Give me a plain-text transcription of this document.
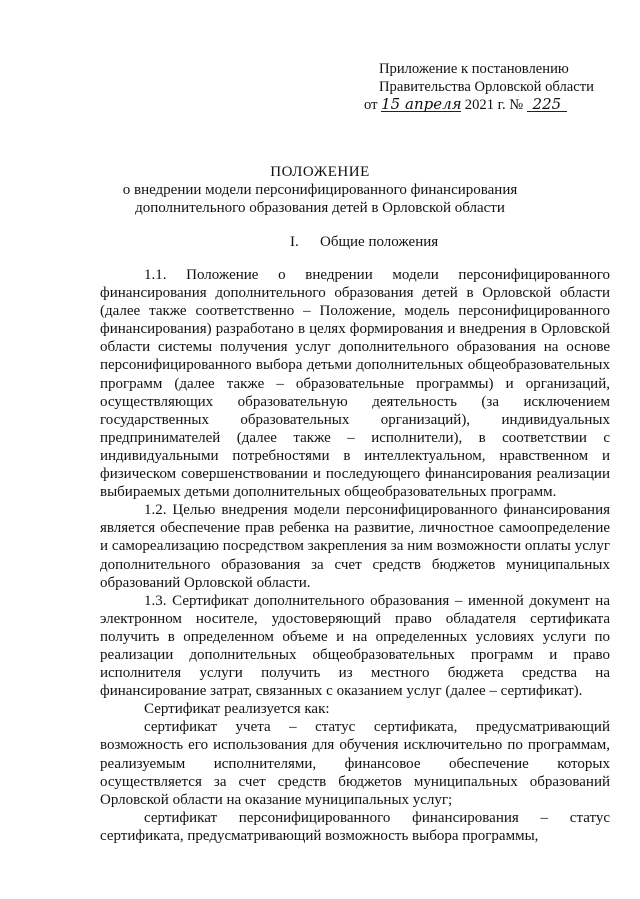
Приложение к постановлению
Правительства Орловской области
от 15 апреля 2021 г. № 225
ПОЛОЖЕНИЕ
о внедрении модели персонифицированного финансирования
дополнительного образования детей в Орловской области
I. Общие положения

1.1. Положение о внедрении модели персонифицированного финансирования дополнительного образования детей в Орловской области (далее также соответственно – Положение, модель персонифицированного финансирования) разработано в целях формирования и внедрения в Орловской области системы получения услуг дополнительного образования на основе персонифицированного выбора детьми дополнительных общеобразовательных программ (далее также – образовательные программы) и организаций, осуществляющих образовательную деятельность (за исключением государственных образовательных организаций), индивидуальных предпринимателей (далее также – исполнители), в соответствии с индивидуальными потребностями в интеллектуальном, нравственном и физическом совершенствовании и последующего финансирования реализации выбираемых детьми дополнительных общеобразовательных программ.

1.2. Целью внедрения модели персонифицированного финансирования является обеспечение прав ребенка на развитие, личностное самоопределение и самореализацию посредством закрепления за ним возможности оплаты услуг дополнительного образования за счет средств бюджетов муниципальных образований Орловской области.

1.3. Сертификат дополнительного образования – именной документ на электронном носителе, удостоверяющий право обладателя сертификата получить в определенном объеме и на определенных условиях услуги по реализации дополнительных общеобразовательных программ и право исполнителя услуги получить из местного бюджета средства на финансирование затрат, связанных с оказанием услуг (далее – сертификат).

Сертификат реализуется как:

сертификат учета – статус сертификата, предусматривающий возможность его использования для обучения исключительно по программам, реализуемым исполнителями, финансовое обеспечение которых осуществляется за счет средств бюджетов муниципальных образований Орловской области на оказание муниципальных услуг;

сертификат персонифицированного финансирования – статус сертификата, предусматривающий возможность выбора программы,
